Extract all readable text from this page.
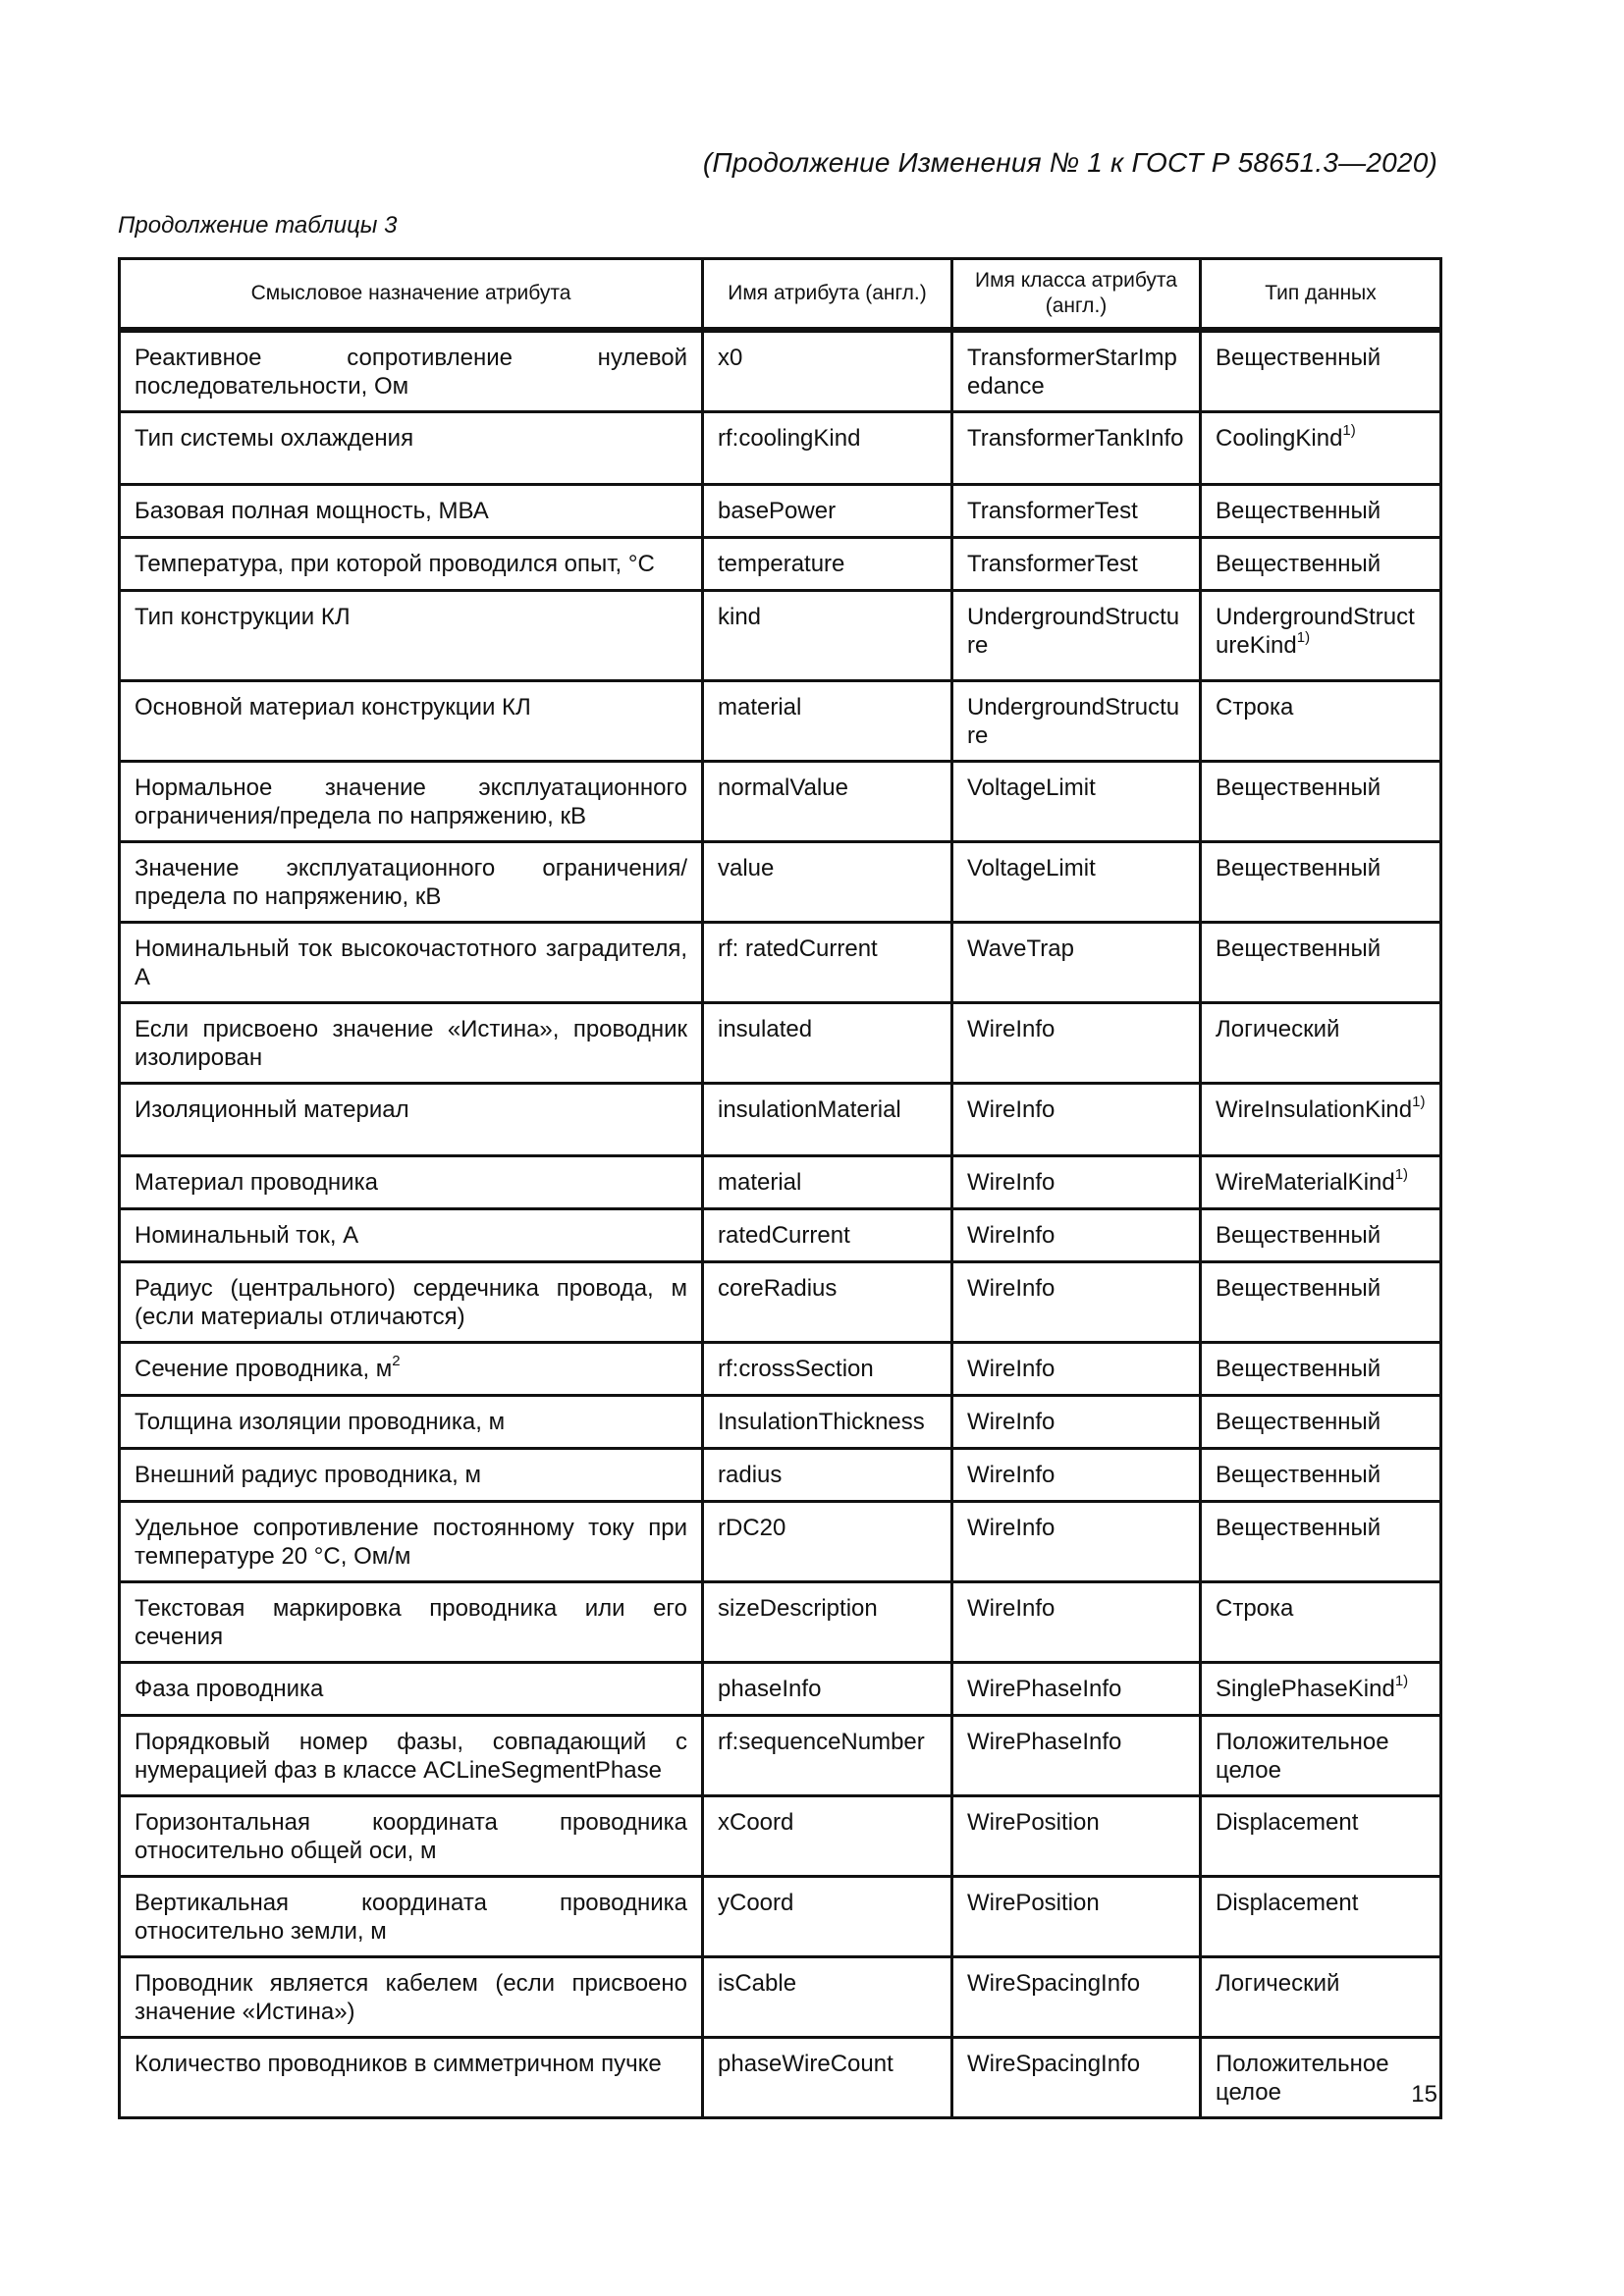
(Продолжение Изменения № 1 к ГОСТ Р 58651.3—2020)
Продолжение таблицы 3
Смысловое назначение атрибута	Имя атрибута (англ.)	Имя класса атрибута (англ.)	Тип данных
Реактивное сопротивление нулевой последовательности, Ом	x0	TransformerStarImpedance	Вещественный
Тип системы охлаждения	rf:coolingKind	TransformerTankInfo	CoolingKind$^{1)}$
Базовая полная мощность, МВА	basePower	TransformerTest	Вещественный
Температура, при которой проводился опыт, °С	temperature	TransformerTest	Вещественный
Тип конструкции КЛ	kind	UndergroundStructure	UndergroundStructureKind$^{1)}$
Основной материал конструкции КЛ	material	UndergroundStructure	Строка
Нормальное значение эксплуатационного ограничения/предела по напряжению, кВ	normalValue	VoltageLimit	Вещественный
Значение эксплуатационного ограничения/предела по напряжению, кВ	value	VoltageLimit	Вещественный
Номинальный ток высокочастотного заградителя, А	rf: ratedCurrent	WaveTrap	Вещественный
Если присвоено значение «Истина», проводник изолирован	insulated	WireInfo	Логический
Изоляционный материал	insulationMaterial	WireInfo	WireInsulationKind$^{1)}$
Материал проводника	material	WireInfo	WireMaterialKind$^{1)}$
Номинальный ток, А	ratedCurrent	WireInfo	Вещественный
Радиус (центрального) сердечника провода, м (если материалы отличаются)	coreRadius	WireInfo	Вещественный
Сечение проводника, $м^2$	rf:crossSection	WireInfo	Вещественный
Толщина изоляции проводника, м	InsulationThickness	WireInfo	Вещественный
Внешний радиус проводника, м	radius	WireInfo	Вещественный
Удельное сопротивление постоянному току при температуре 20 °С, Ом/м	rDC20	WireInfo	Вещественный
Текстовая маркировка проводника или его сечения	sizeDescription	WireInfo	Строка
Фаза проводника	phaseInfo	WirePhaseInfo	SinglePhaseKind$^{1)}$
Порядковый номер фазы, совпадающий с нумерацией фаз в классе ACLineSegmentPhase	rf:sequenceNumber	WirePhaseInfo	Положительное целое
Горизонтальная координата проводника относительно общей оси, м	xCoord	WirePosition	Displacement
Вертикальная координата проводника относительно земли, м	yCoord	WirePosition	Displacement
Проводник является кабелем (если присвоено значение «Истина»)	isCable	WireSpacingInfo	Логический
Количество проводников в симметричном пучке	phaseWireCount	WireSpacingInfo	Положительное целое	15
